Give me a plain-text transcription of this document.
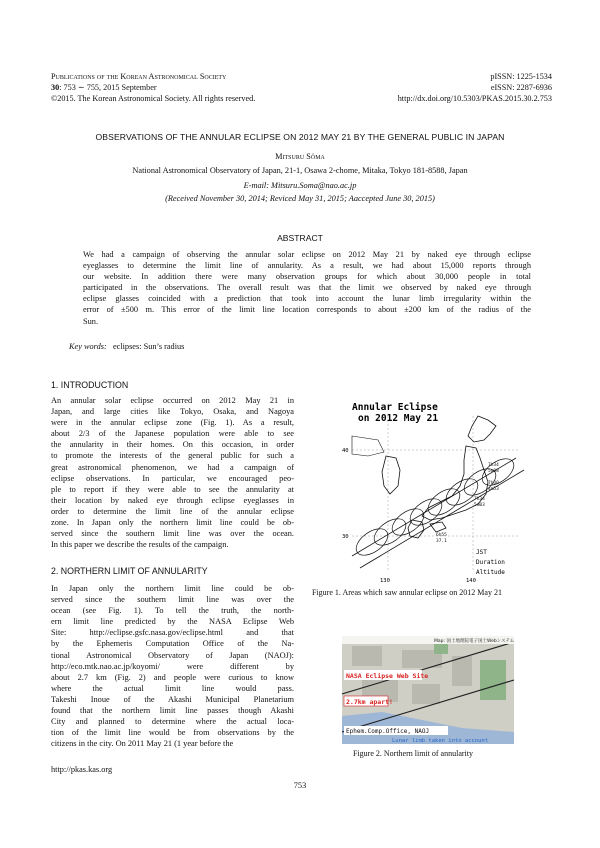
Publications of the Korean Astronomical Society
30: 753 ∼ 755, 2015 September
©2015. The Korean Astronomical Society. All rights reserved.
pISSN: 1225-1534
eISSN: 2287-6936
http://dx.doi.org/10.5303/PKAS.2015.30.2.753
OBSERVATIONS OF THE ANNULAR ECLIPSE ON 2012 MAY 21 BY THE GENERAL PUBLIC IN JAPAN
Mitsuru Sôma
National Astronomical Observatory of Japan, 21-1, Osawa 2-chome, Mitaka, Tokyo 181-8588, Japan
E-mail: Mitsuru.Soma@nao.ac.jp
(Received November 30, 2014; Reviced May 31, 2015; Aaccepted June 30, 2015)
ABSTRACT
We had a campaign of observing the annular solar eclipse on 2012 May 21 by naked eye through eclipse
eyeglasses to determine the limit line of annularity. As a result, we had about 15,000 reports through
our website. In addition there were many observation groups for which about 30,000 people in total
participated in the observations. The overall result was that the limit we observed by naked eye through
eclipse glasses coincided with a prediction that took into account the lunar limb irregularity within the
error of ±500 m. This error of the limit line location corresponds to about ±200 km of the radius of the
Sun.
Key words: eclipses: Sun’s radius
1. INTRODUCTION
An annular solar eclipse occurred on 2012 May 21 in
Japan, and large cities like Tokyo, Osaka, and Nagoya
were in the annular eclipse zone (Fig. 1). As a result,
about 2/3 of the Japanese population were able to see
the annularity in their homes. On this occasion, in order
to promote the interests of the general public for such a
great astronomical phenomenon, we had a campaign of
eclipse observations. In particular, we encouraged peo-
ple to report if they were able to see the annularity at
their location by naked eye through eclipse eyeglasses in
order to determine the limit line of the annular eclipse
zone. In Japan only the northern limit line could be ob-
served since the southern limit line was over the ocean.
In this paper we describe the results of the campaign.
2. NORTHERN LIMIT OF ANNULARITY
In Japan only the northern limit line could be ob-
served since the southern limit line was over the
ocean (see Fig. 1). To tell the truth, the north-
ern limit line predicted by the NASA Eclipse Web
Site: http://eclipse.gsfc.nasa.gov/eclipse.html and that
by the Ephemeris Computation Office of the Na-
tional Astronomical Observatory of Japan (NAOJ):
http://eco.mtk.nao.ac.jp/koyomi/ were different by
about 2.7 km (Fig. 2) and people were curious to know
where the actual limit line would pass.
Takeshi Inoue of the Akashi Municipal Planetarium
found that the northern limit line passes though Akashi
City and planned to determine where the actual loca-
tion of the limit line would be from observations by the
citizens in the city. On 2011 May 21 (1 year before the
7h34
5m08
7h30
4m53
7h34
5m03
6h55
37.1
Annular Eclipse
on 2012 May 21
40
30
130	140
JST
Duration
Altitude
Figure 1. Areas which saw annular eclipse on 2012 May 21
Map: 国土地理院電子国土Webシステム
NASA Eclipse Web Site
2.7km apart!
Ephem.Comp.Office, NAOJ
Lunar limb taken into account
Figure 2. Northern limit of annularity
http://pkas.kas.org
753
